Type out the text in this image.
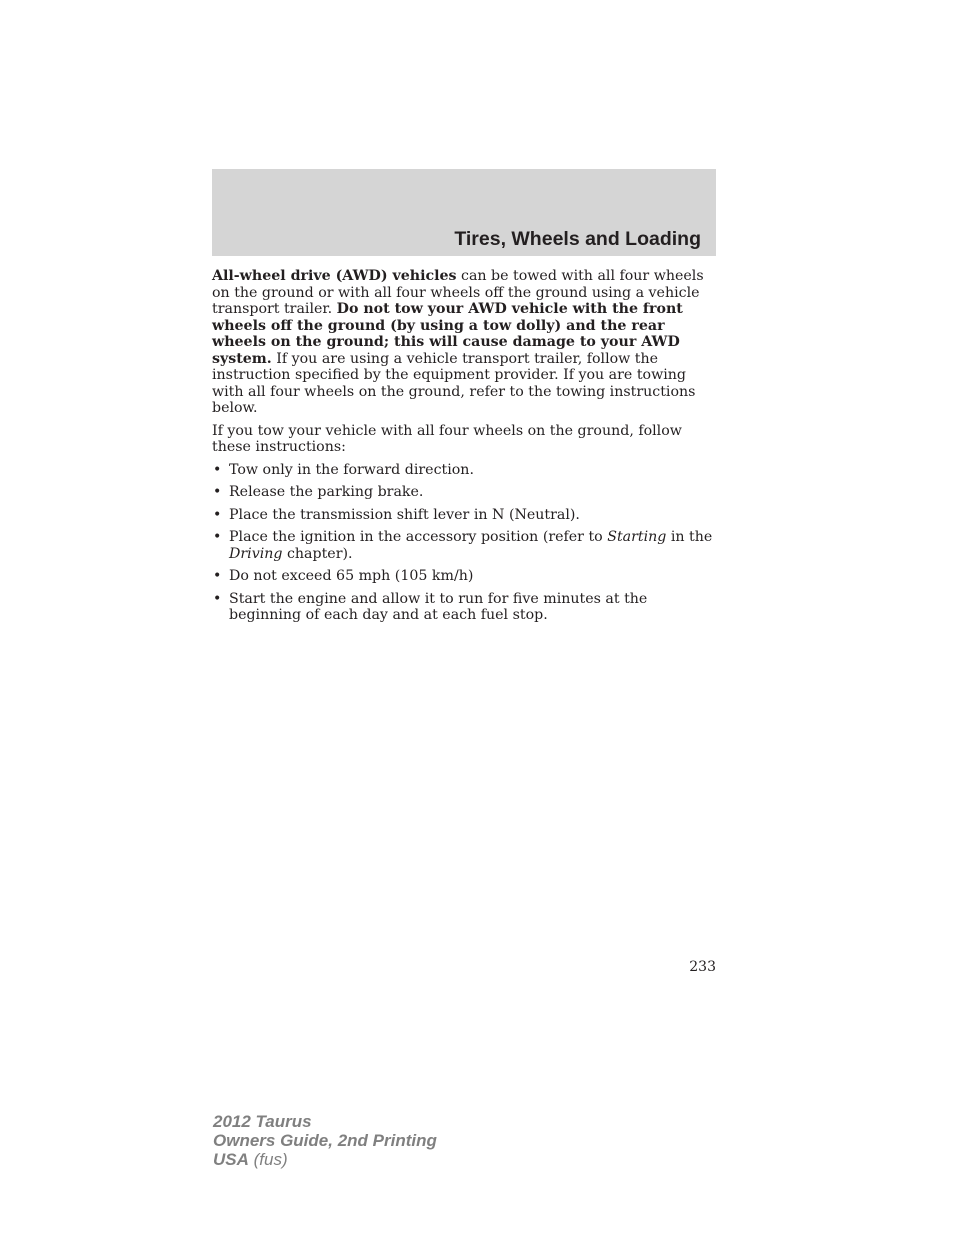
Tires, Wheels and Loading

All-wheel drive (AWD) vehicles can be towed with all four wheels on the ground or with all four wheels off the ground using a vehicle transport trailer. Do not tow your AWD vehicle with the front wheels off the ground (by using a tow dolly) and the rear wheels on the ground; this will cause damage to your AWD system. If you are using a vehicle transport trailer, follow the instruction specified by the equipment provider. If you are towing with all four wheels on the ground, refer to the towing instructions below.

If you tow your vehicle with all four wheels on the ground, follow these instructions:

• Tow only in the forward direction.
• Release the parking brake.
• Place the transmission shift lever in N (Neutral).
• Place the ignition in the accessory position (refer to Starting in the Driving chapter).
• Do not exceed 65 mph (105 km/h)
• Start the engine and allow it to run for five minutes at the beginning of each day and at each fuel stop.

233

2012 Taurus
Owners Guide, 2nd Printing
USA (fus)
